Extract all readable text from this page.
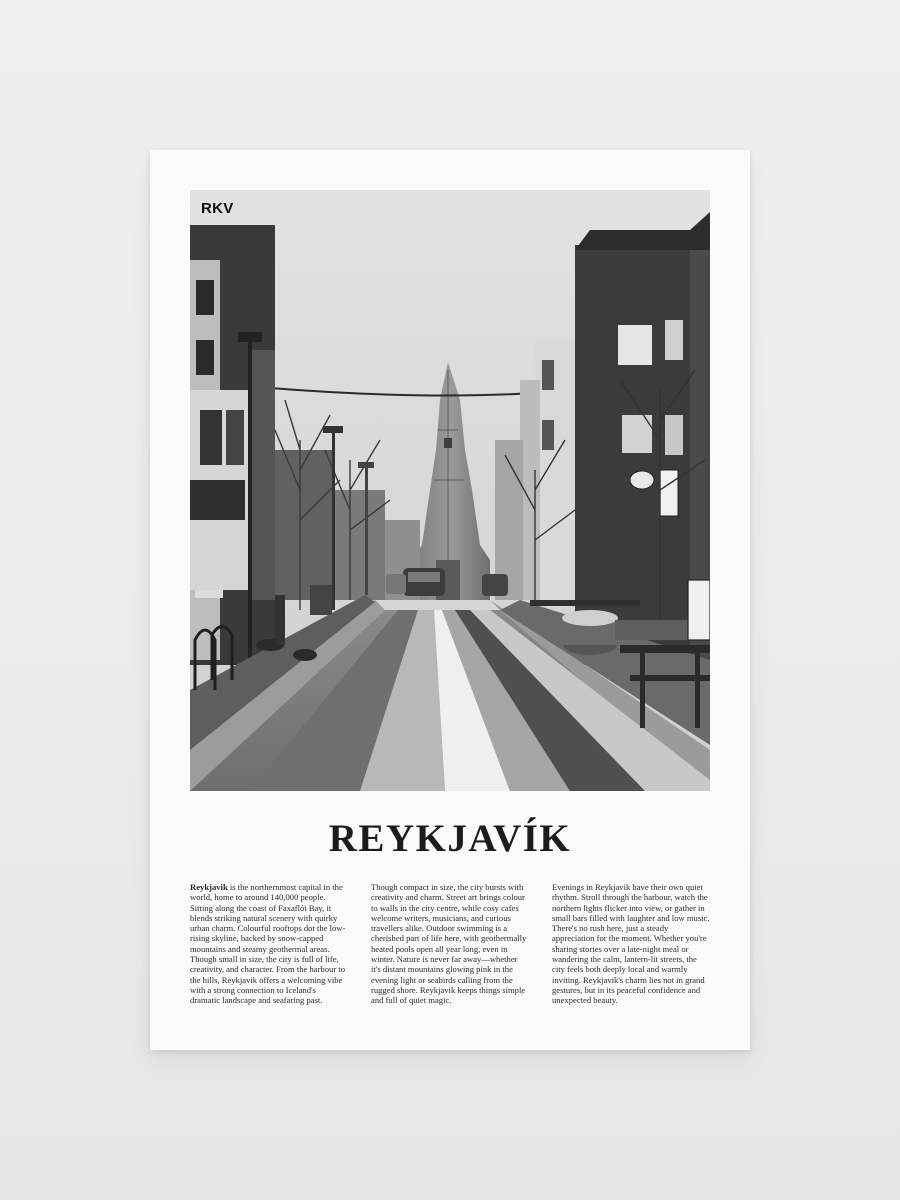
RKV
REYKJAVÍK

Reykjavik is the northernmost capital in the world, home to around 140,000 people. Sitting along the coast of Faxaflói Bay, it blends striking natural scenery with quirky urban charm. Colourful rooftops dot the low-rising skyline, backed by snow-capped mountains and steamy geothermal areas. Though small in size, the city is full of life, creativity, and character. From the harbour to the hills, Reykjavik offers a welcoming vibe with a strong connection to Iceland's dramatic landscape and seafaring past.

Though compact in size, the city bursts with creativity and charm. Street art brings colour to walls in the city centre, while cosy cafes welcome writers, musicians, and curious travellers alike. Outdoor swimming is a cherished part of life here, with geothermally heated pools open all year long, even in winter. Nature is never far away—whether it's distant mountains glowing pink in the evening light or seabirds calling from the rugged shore. Reykjavik keeps things simple and full of quiet magic.

Evenings in Reykjavik have their own quiet rhythm. Stroll through the harbour, watch the northern lights flicker into view, or gather in small bars filled with laughter and low music. There's no rush here, just a steady appreciation for the moment. Whether you're sharing stories over a late-night meal or wandering the calm, lantern-lit streets, the city feels both deeply local and warmly inviting. Reykjavik's charm lies not in grand gestures, but in its peaceful confidence and unexpected beauty.
